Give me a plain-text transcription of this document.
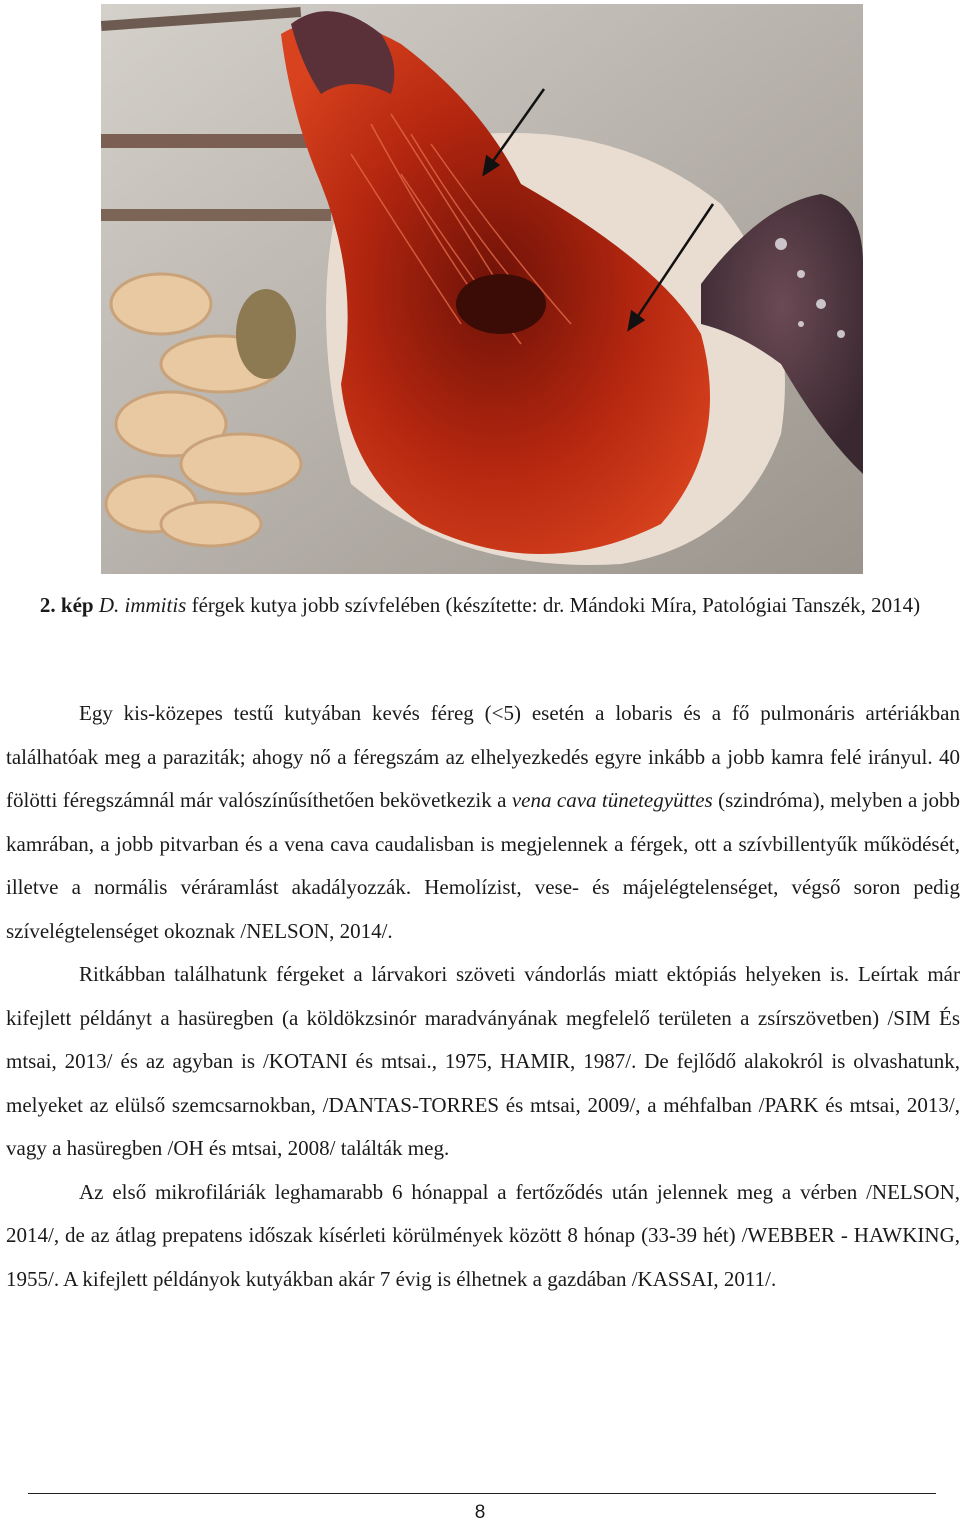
2. kép D. immitis férgek kutya jobb szívfelében (készítette: dr. Mándoki Míra, Patológiai Tanszék, 2014)

Egy kis-közepes testű kutyában kevés féreg (<5) esetén a lobaris és a fő pulmonáris artériákban találhatóak meg a paraziták; ahogy nő a féregszám az elhelyezkedés egyre inkább a jobb kamra felé irányul. 40 fölötti féregszámnál már valószínűsíthetően bekövetkezik a vena cava tünetegyüttes (szindróma), melyben a jobb kamrában, a jobb pitvarban és a vena cava caudalisban is megjelennek a férgek, ott a szívbillentyűk működését, illetve a normális véráramlást akadályozzák. Hemolízist, vese- és májelégtelenséget, végső soron pedig szívelégtelenséget okoznak /NELSON, 2014/.

Ritkábban találhatunk férgeket a lárvakori szöveti vándorlás miatt ektópiás helyeken is. Leírtak már kifejlett példányt a hasüregben (a köldökzsinór maradványának megfelelő területen a zsírszövetben) /SIM És mtsai, 2013/ és az agyban is /KOTANI és mtsai., 1975, HAMIR, 1987/. De fejlődő alakokról is olvashatunk, melyeket az elülső szemcsarnokban, /DANTAS-TORRES és mtsai, 2009/, a méhfalban /PARK és mtsai, 2013/, vagy a hasüregben /OH és mtsai, 2008/ találták meg.

Az első mikrofiláriák leghamarabb 6 hónappal a fertőződés után jelennek meg a vérben /NELSON, 2014/, de az átlag prepatens időszak kísérleti körülmények között 8 hónap (33-39 hét) /WEBBER - HAWKING, 1955/. A kifejlett példányok kutyákban akár 7 évig is élhetnek a gazdában /KASSAI, 2011/.

8
